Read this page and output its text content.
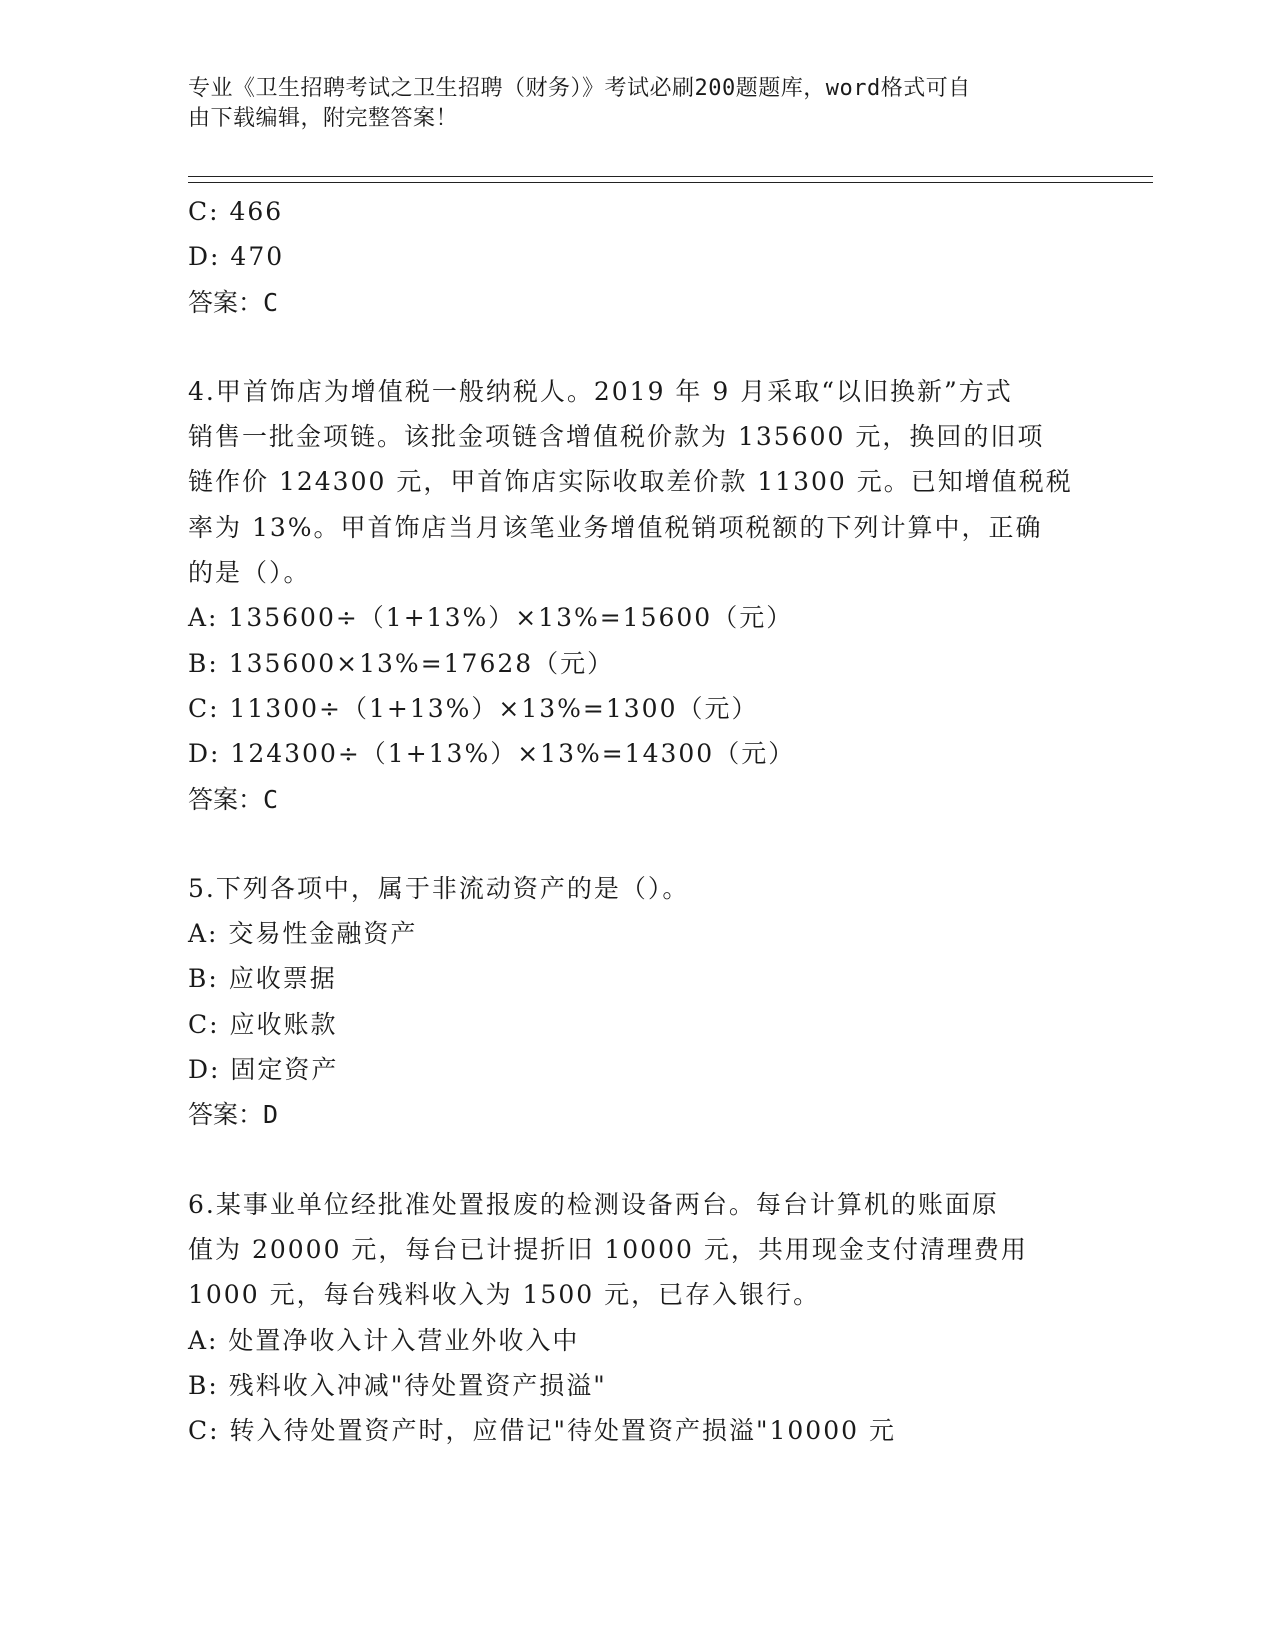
专业《卫生招聘考试之卫生招聘（财务）》考试必刷200题题库，word格式可自
由下载编辑，附完整答案！
C: 466
D: 470
答案：C
4.甲首饰店为增值税一般纳税人。2019 年 9 月采取“以旧换新”方式
销售一批金项链。该批金项链含增值税价款为 135600 元，换回的旧项
链作价 124300 元，甲首饰店实际收取差价款 11300 元。已知增值税税
率为 13%。甲首饰店当月该笔业务增值税销项税额的下列计算中，正确
的是（）。
A: 135600÷（1+13%）×13%=15600（元）
B: 135600×13%=17628（元）
C: 11300÷（1+13%）×13%=1300（元）
D: 124300÷（1+13%）×13%=14300（元）
答案：C
5.下列各项中，属于非流动资产的是（）。
A: 交易性金融资产
B: 应收票据
C: 应收账款
D: 固定资产
答案：D
6.某事业单位经批准处置报废的检测设备两台。每台计算机的账面原
值为 20000 元，每台已计提折旧 10000 元，共用现金支付清理费用
1000 元，每台残料收入为 1500 元，已存入银行。
A: 处置净收入计入营业外收入中
B: 残料收入冲减"待处置资产损溢"
C: 转入待处置资产时，应借记"待处置资产损溢"10000 元
